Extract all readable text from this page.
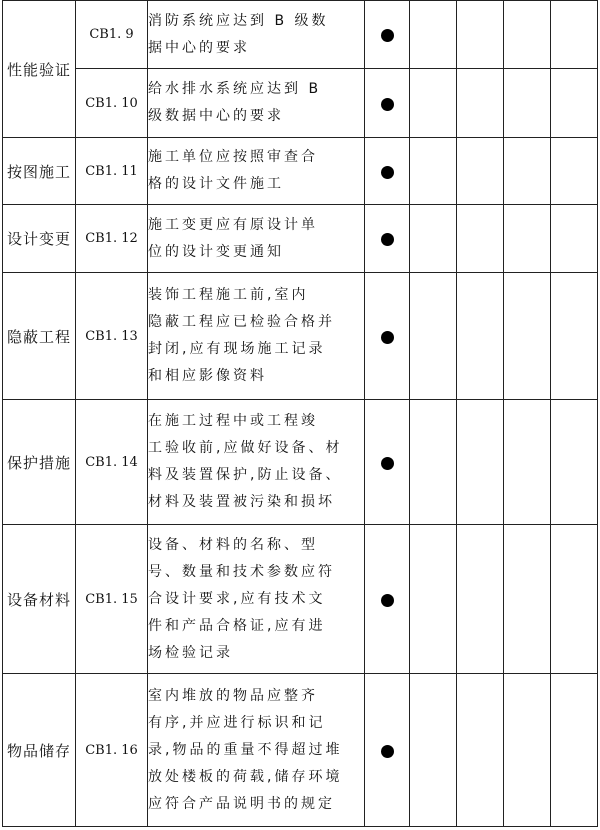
性能验证	CB1. 9	消防系统应达到 B 级数
据中心的要求					

	CB1. 10	给水排水系统应达到 B
级数据中心的要求					

按图施工	CB1. 11	施工单位应按照审查合
格的设计文件施工					

设计变更	CB1. 12	施工变更应有原设计单
位的设计变更通知					

隐蔽工程	CB1. 13	装饰工程施工前,室内
隐蔽工程应已检验合格并
封闭,应有现场施工记录
和相应影像资料					

保护措施	CB1. 14	在施工过程中或工程竣
工验收前,应做好设备、材
料及装置保护,防止设备、
材料及装置被污染和损坏					

设备材料	CB1. 15	设备、材料的名称、型
号、数量和技术参数应符
合设计要求,应有技术文
件和产品合格证,应有进
场检验记录					

物品储存	CB1. 16	室内堆放的物品应整齐
有序,并应进行标识和记
录,物品的重量不得超过堆
放处楼板的荷载,储存环境
应符合产品说明书的规定					
